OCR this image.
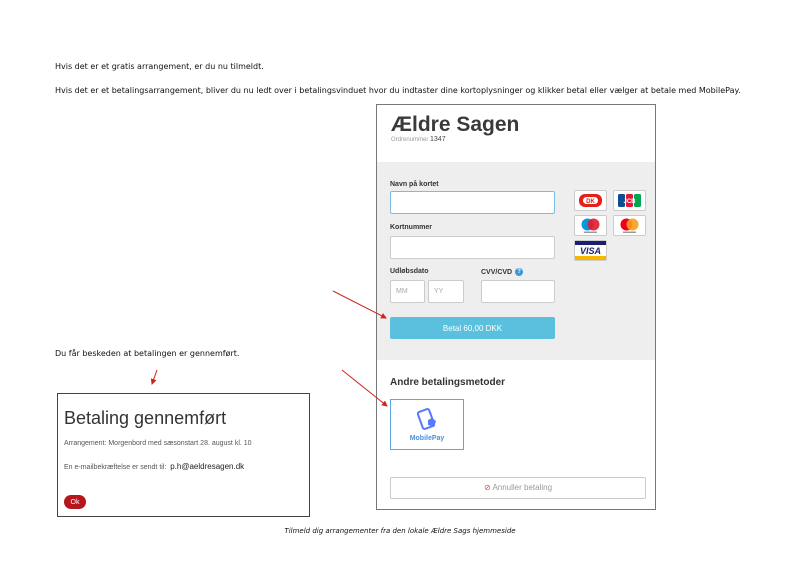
Hvis det er et gratis arrangement, er du nu tilmeldt.
Hvis det er et betalingsarrangement, bliver du nu ledt over i betalingsvinduet hvor du indtaster dine kortoplysninger og klikker betal eller vælger at betale med MobilePay.
Du får beskeden at betalingen er gennemført.
Ældre Sagen
Ordrenummer 1347
Navn på kortet
Kortnummer
Udløbsdato	CVV/CVD ?
MM	YY
DK	JCB
VISA
Betal 60,00 DKK
Andre betalingsmetoder
MobilePay
⊘ Annuller betaling
Betaling gennemført
Arrangement: Morgenbord med sæsonstart 28. august kl. 10
En e-mailbekræftelse er sendt til: p.h@aeldresagen.dk
Ok
Tilmeld dig arrangementer fra den lokale Ældre Sags hjemmeside
